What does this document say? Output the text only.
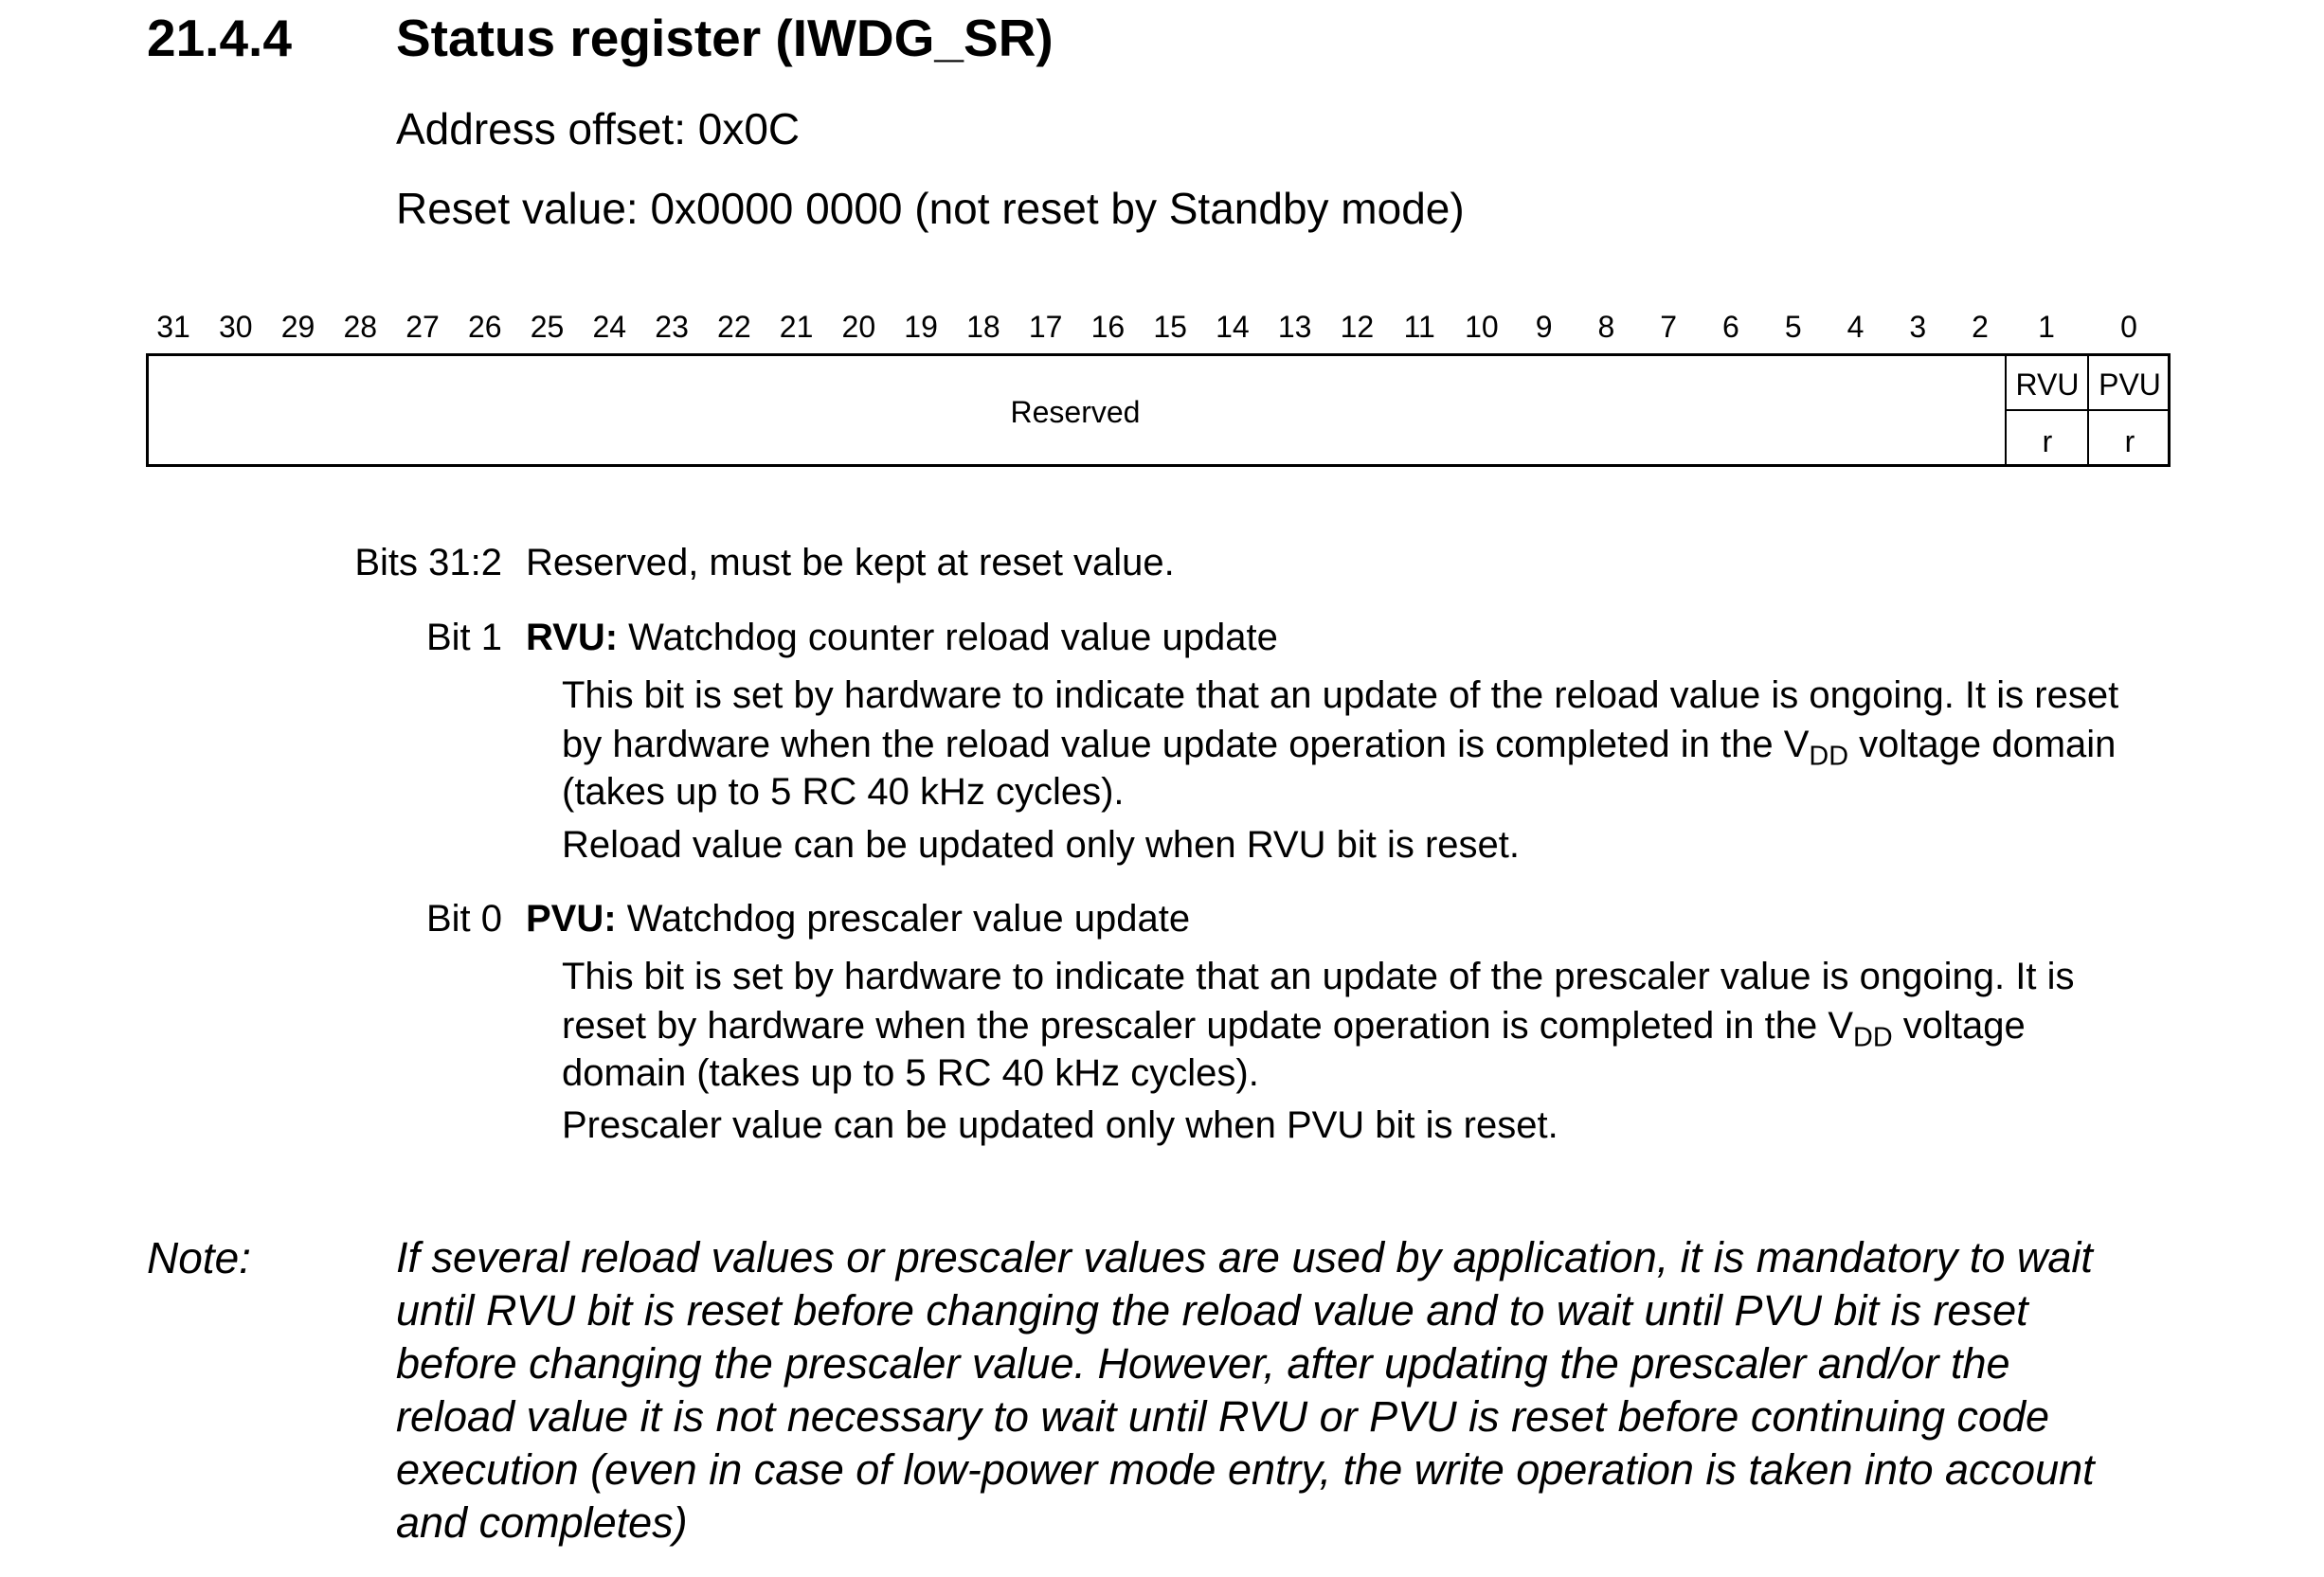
21.4.4 Status register (IWDG_SR)
Address offset: 0x0C
Reset value: 0x0000 0000 (not reset by Standby mode)
31 30 29 28 27 26 25 24 23 22 21 20 19 18 17 16 15 14 13 12 11 10	9	8	7	6	5	4	3	2	1	0
Reserved
RVU PVU
r	r
Bits 31:2 Reserved, must be kept at reset value.
Bit 1 RVU: Watchdog counter reload value update
This bit is set by hardware to indicate that an update of the reload value is ongoing. It is reset
by hardware when the reload value update operation is completed in the $V_{DD}$ voltage domain
(takes up to 5 RC 40 kHz cycles).
Reload value can be updated only when RVU bit is reset.
Bit 0 PVU: Watchdog prescaler value update
This bit is set by hardware to indicate that an update of the prescaler value is ongoing. It is
reset by hardware when the prescaler update operation is completed in the $V_{DD}$ voltage
domain (takes up to 5 RC 40 kHz cycles).
Prescaler value can be updated only when PVU bit is reset.
Note:	If several reload values or prescaler values are used by application, it is mandatory to wait
until RVU bit is reset before changing the reload value and to wait until PVU bit is reset
before changing the prescaler value. However, after updating the prescaler and/or the
reload value it is not necessary to wait until RVU or PVU is reset before continuing code
execution (even in case of low-power mode entry, the write operation is taken into account
and completes)
